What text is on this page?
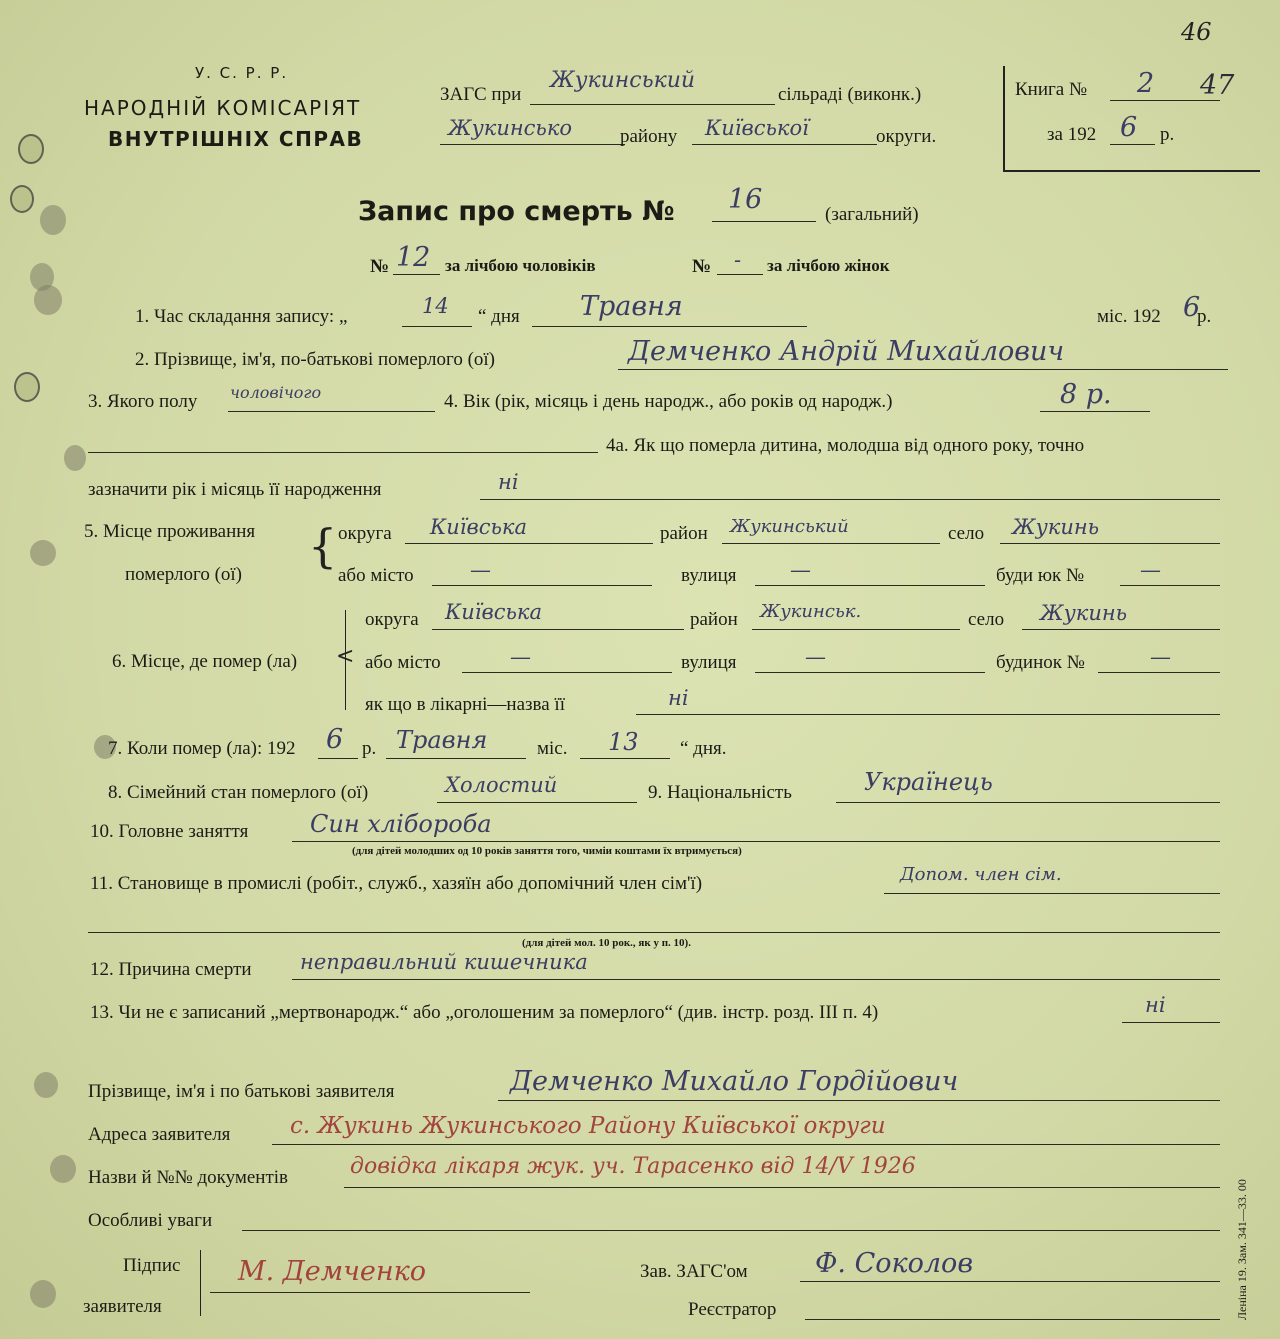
У. С. Р. Р.
НАРОДНІЙ КОМІСАРІЯТ
ВНУТРІШНІХ СПРАВ
ЗАГС при
Жукинський
сільраді (виконк.)
Жукинсько	району Київської	округи.
Книга № 2 47
за 192 6 р.
46
Запис про смерть № 16	(загальний)
№ 12 за лічбою чоловіків	№ - за лічбою жінок
1. Час складання запису: „	14 “ дня Травня	міс. 192 6
р.
2. Прізвище, ім'я, по-батькові померлого (ої)	Демченко Андрій Михайлович
3. Якого полу чоловічого	4. Вік (рік, місяць і день народж., або років од народж.)	8 р.
4а. Як що померла дитина, молодша від одного року, точно
зазначити рік і місяць її народження	ні
5. Місце проживання
померлого (ої)
{ округа Київська	район Жукинський	село Жукинь
або місто	—	вулиця	—	буди юк №	—
<
6. Місце, де помер (ла)
округа Київська	район Жукинськ.	село Жукинь
або місто	—	вулиця	—	будинок №	—
як що в лікарні—назва її	ні
7. Коли помер (ла): 192 6 р. Травня	міс. 13 “ дня.
8. Сімейний стан померлого (ої)	Холостий	9. Національність	Українець
10. Головне заняття	Син хлібороба
(для дітей молодших од 10 років заняття того, чиміи коштами їх втримується)
11. Становище в промислі (робіт., служб., хазяїн або допомічний член сім'ї)	Допом. член сім.
(для дітей мол. 10 рок., як у п. 10).
12. Причина смерти неправильний кишечника
13. Чи не є записаний „мертвонародж.“ або „оголошеним за померлого“ (див. інстр. розд. III п. 4)	ні
Прізвище, ім'я і по батькові заявителя	Демченко Михайло Гордійович
Адреса заявителя	с. Жукинь Жукинського Району Київської округи
Назви й №№ документів	довідка лікаря жук. уч. Тарасенко від 14/V 1926
Особливі уваги
Підпис
заявителя
М. Демченко	Зав. ЗАГС'ом Ф. Соколов
Реєстратор	Леніна 19. Зам. 341—33. 00
